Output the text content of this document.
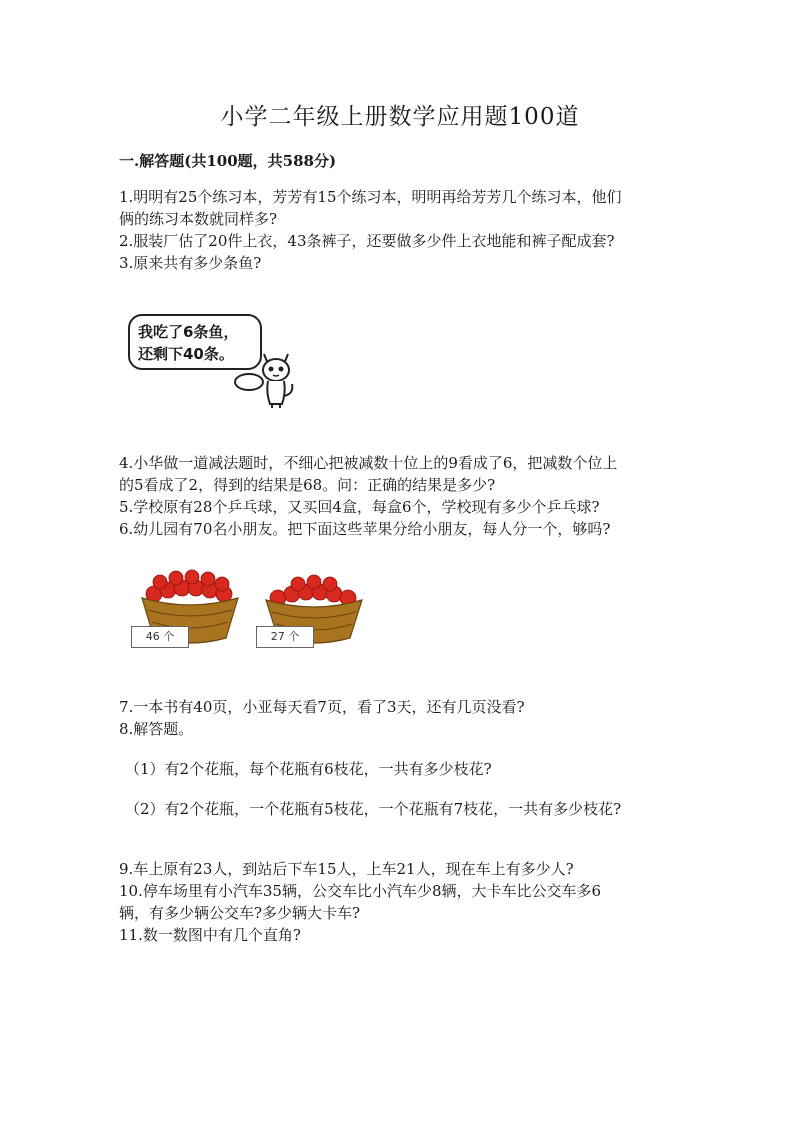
小学二年级上册数学应用题100道
一.解答题(共100题，共588分)
1.明明有25个练习本，芳芳有15个练习本，明明再给芳芳几个练习本，他们
俩的练习本数就同样多?
2.服装厂估了20件上衣，43条裤子，还要做多少件上衣地能和裤子配成套?
3.原来共有多少条鱼?
我吃了6条鱼，
还剩下40条。
4.小华做一道减法题时，不细心把被减数十位上的9看成了6，把减数个位上
的5看成了2，得到的结果是68。问：正确的结果是多少?
5.学校原有28个乒乓球，又买回4盒，每盒6个，学校现有多少个乒乓球?
6.幼儿园有70名小朋友。把下面这些苹果分给小朋友，每人分一个，够吗?
46 个	27 个
7.一本书有40页，小亚每天看7页，看了3天，还有几页没看?
8.解答题。
（1）有2个花瓶，每个花瓶有6枝花，一共有多少枝花?
（2）有2个花瓶，一个花瓶有5枝花，一个花瓶有7枝花，一共有多少枝花?
9.车上原有23人，到站后下车15人，上车21人，现在车上有多少人?
10.停车场里有小汽车35辆，公交车比小汽车少8辆，大卡车比公交车多6
辆，有多少辆公交车?多少辆大卡车?
11.数一数图中有几个直角?
